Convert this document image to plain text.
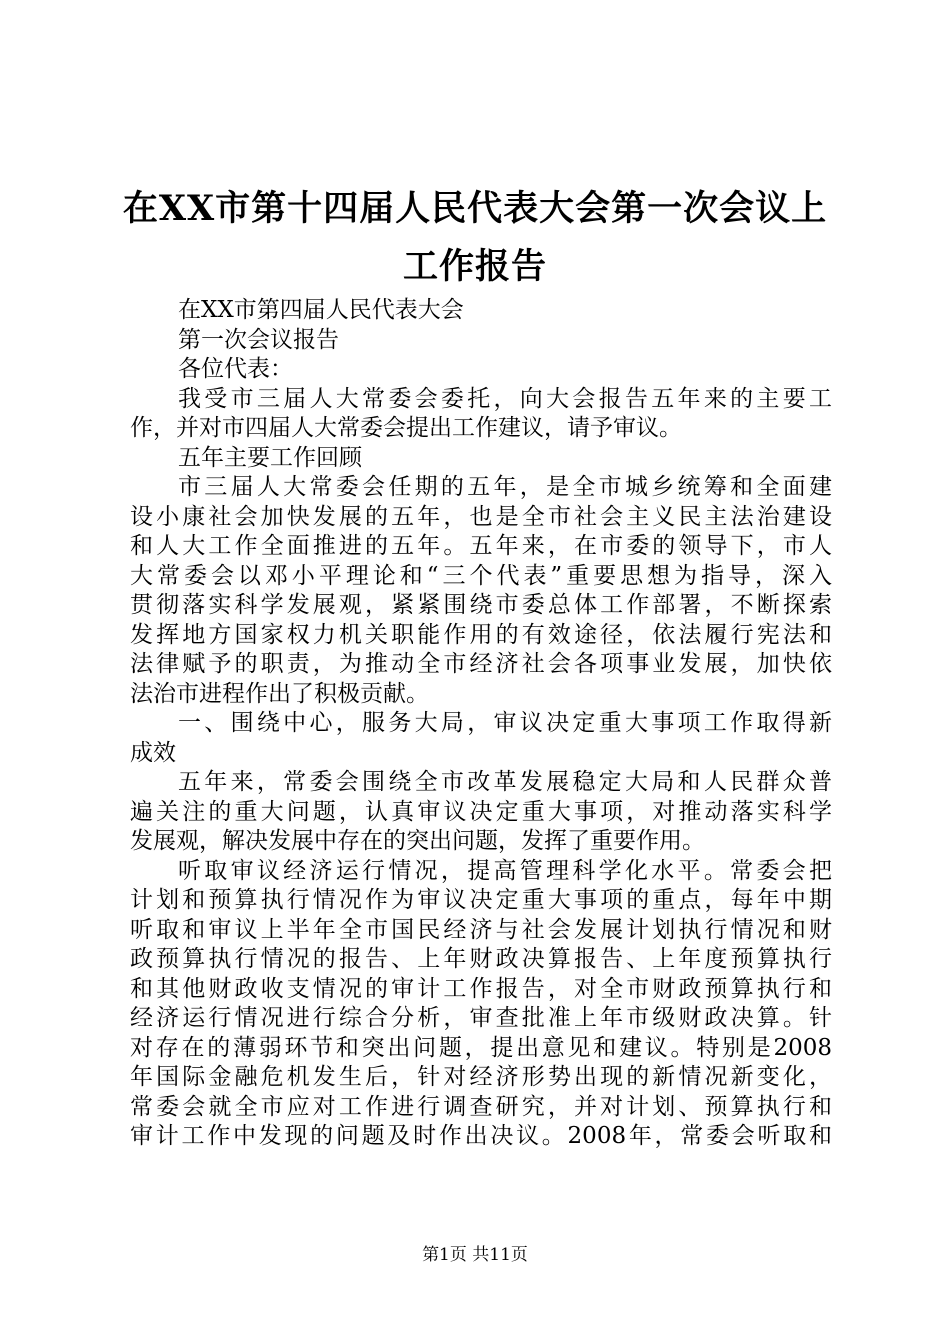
在XX市第十四届人民代表大会第一次会议上
工作报告
在XX市第四届人民代表大会
第一次会议报告
各位代表：
我受市三届人大常委会委托，向大会报告五年来的主要工
作，并对市四届人大常委会提出工作建议，请予审议。
五年主要工作回顾
市三届人大常委会任期的五年，是全市城乡统筹和全面建
设小康社会加快发展的五年，也是全市社会主义民主法治建设
和人大工作全面推进的五年。五年来，在市委的领导下，市人
大常委会以邓小平理论和“三个代表”重要思想为指导，深入
贯彻落实科学发展观，紧紧围绕市委总体工作部署，不断探索
发挥地方国家权力机关职能作用的有效途径，依法履行宪法和
法律赋予的职责，为推动全市经济社会各项事业发展，加快依
法治市进程作出了积极贡献。
一、围绕中心，服务大局，审议决定重大事项工作取得新
成效
五年来，常委会围绕全市改革发展稳定大局和人民群众普
遍关注的重大问题，认真审议决定重大事项，对推动落实科学
发展观，解决发展中存在的突出问题，发挥了重要作用。
听取审议经济运行情况，提高管理科学化水平。常委会把
计划和预算执行情况作为审议决定重大事项的重点，每年中期
听取和审议上半年全市国民经济与社会发展计划执行情况和财
政预算执行情况的报告、上年财政决算报告、上年度预算执行
和其他财政收支情况的审计工作报告，对全市财政预算执行和
经济运行情况进行综合分析，审查批准上年市级财政决算。针
对存在的薄弱环节和突出问题，提出意见和建议。特别是2008
年国际金融危机发生后，针对经济形势出现的新情况新变化，
常委会就全市应对工作进行调查研究，并对计划、预算执行和
审计工作中发现的问题及时作出决议。2008年，常委会听取和
第1页 共11页
